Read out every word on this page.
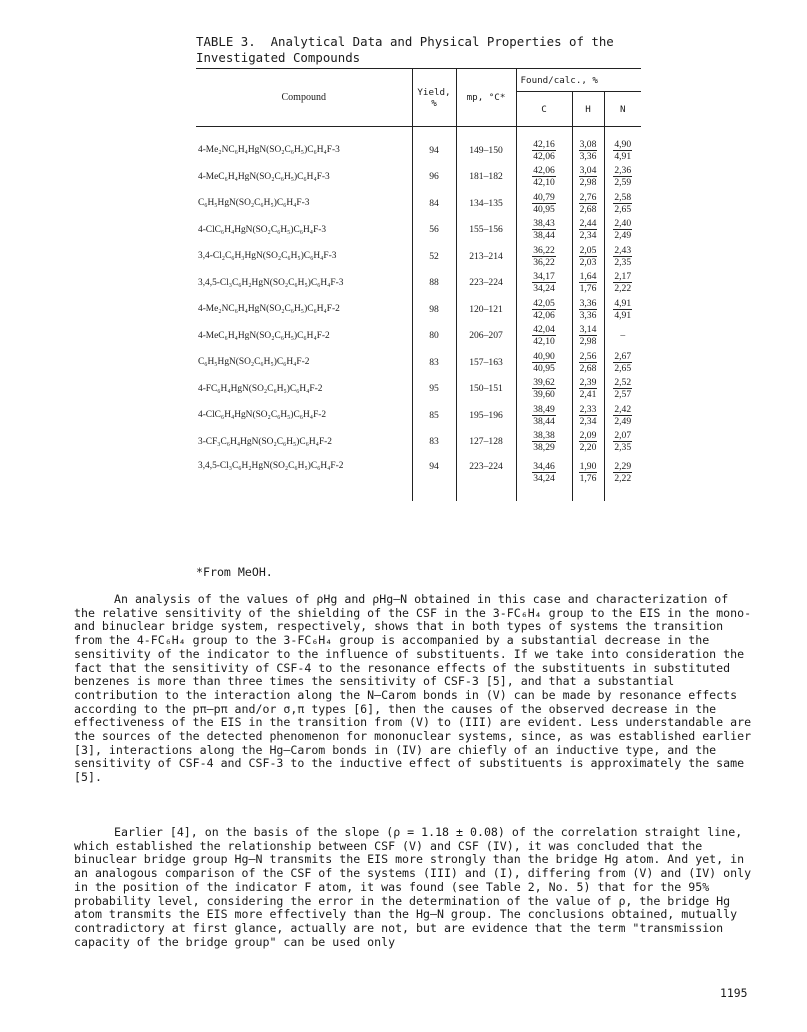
TABLE 3.  Analytical Data and Physical Properties of the
Investigated Compounds
Compound	Yield,
%	mp, °C*	Found/calc., %		
			C	H	N
4-Me₂NC₆H₄HgN(SO₂C₆H₅)C₆H₄F-3	94	149–150	$\frac{42,16}{42,06}$	$\frac{3,08}{3,36}$	$\frac{4,90}{4,91}$

4-MeC₆H₄HgN(SO₂C₆H₅)C₆H₄F-3	96	181–182	$\frac{42,06}{42,10}$	$\frac{3,04}{2,98}$	$\frac{2,36}{2,59}$

C₆H₅HgN(SO₂C₆H₅)C₆H₄F-3	84	134–135	$\frac{40,79}{40,95}$	$\frac{2,76}{2,68}$	$\frac{2,58}{2,65}$

4-ClC₆H₄HgN(SO₂C₆H₅)C₆H₄F-3	56	155–156	$\frac{38,43}{38,44}$	$\frac{2,44}{2,34}$	$\frac{2,40}{2,49}$

3,4-Cl₂C₆H₃HgN(SO₂C₆H₅)C₆H₄F-3	52	213–214	$\frac{36,22}{36,22}$	$\frac{2,05}{2,03}$	$\frac{2,43}{2,35}$

3,4,5-Cl₃C₆H₂HgN(SO₂C₆H₅)C₆H₄F-3	88	223–224	$\frac{34,17}{34,24}$	$\frac{1,64}{1,76}$	$\frac{2,17}{2,22}$

4-Me₂NC₆H₄HgN(SO₂C₆H₅)C₆H₄F-2	98	120–121	$\frac{42,05}{42,06}$	$\frac{3,36}{3,36}$	$\frac{4,91}{4,91}$

4-MeC₆H₄HgN(SO₂C₆H₅)C₆H₄F-2	80	206–207	$\frac{42,04}{42,10}$	$\frac{3,14}{2,98}$	–
C₆H₅HgN(SO₂C₆H₅)C₆H₄F-2	83	157–163	$\frac{40,90}{40,95}$	$\frac{2,56}{2,68}$	$\frac{2,67}{2,65}$

4-FC₆H₄HgN(SO₂C₆H₅)C₆H₄F-2	95	150–151	$\frac{39,62}{39,60}$	$\frac{2,39}{2,41}$	$\frac{2,52}{2,57}$

4-ClC₆H₄HgN(SO₂C₆H₅)C₆H₄F-2	85	195–196	$\frac{38,49}{38,44}$	$\frac{2,33}{2,34}$	$\frac{2,42}{2,49}$

3-CF₃C₆H₄HgN(SO₂C₆H₅)C₆H₄F-2	83	127–128	$\frac{38,38}{38,29}$	$\frac{2,09}{2,20}$	$\frac{2,07}{2,35}$

3,4,5-Cl₃C₆H₂HgN(SO₂C₆H₅)C₆H₄F-2	94	223–224	$\frac{34,46}{34,24}$	$\frac{1,90}{1,76}$	$\frac{2,29}{2,22}$
*From MeOH.

An analysis of the values of ρHg and ρHg–N obtained in this case and characterization of the relative sensitivity of the shielding of the CSF in the 3-FC₆H₄ group to the EIS in the mono- and binuclear bridge system, respectively, shows that in both types of systems the transition from the 4-FC₆H₄ group to the 3-FC₆H₄ group is accompanied by a substantial decrease in the sensitivity of the indicator to the influence of substituents. If we take into consideration the fact that the sensitivity of CSF-4 to the resonance effects of the substituents in substituted benzenes is more than three times the sensitivity of CSF-3 [5], and that a substantial contribution to the interaction along the N–Carom bonds in (V) can be made by resonance effects according to the pπ–pπ and/or σ,π types [6], then the causes of the observed decrease in the effectiveness of the EIS in the transition from (V) to (III) are evident. Less understandable are the sources of the detected phenomenon for mononuclear systems, since, as was established earlier [3], interactions along the Hg–Carom bonds in (IV) are chiefly of an inductive type, and the sensitivity of CSF-4 and CSF-3 to the inductive effect of substituents is approximately the same [5].

Earlier [4], on the basis of the slope (ρ = 1.18 ± 0.08) of the correlation straight line, which established the relationship between CSF (V) and CSF (IV), it was concluded that the binuclear bridge group Hg–N transmits the EIS more strongly than the bridge Hg atom. And yet, in an analogous comparison of the CSF of the systems (III) and (I), differing from (V) and (IV) only in the position of the indicator F atom, it was found (see Table 2, No. 5) that for the 95% probability level, considering the error in the determination of the value of ρ, the bridge Hg atom transmits the EIS more effectively than the Hg–N group. The conclusions obtained, mutually contradictory at first glance, actually are not, but are evidence that the term "transmission capacity of the bridge group" can be used only

1195
